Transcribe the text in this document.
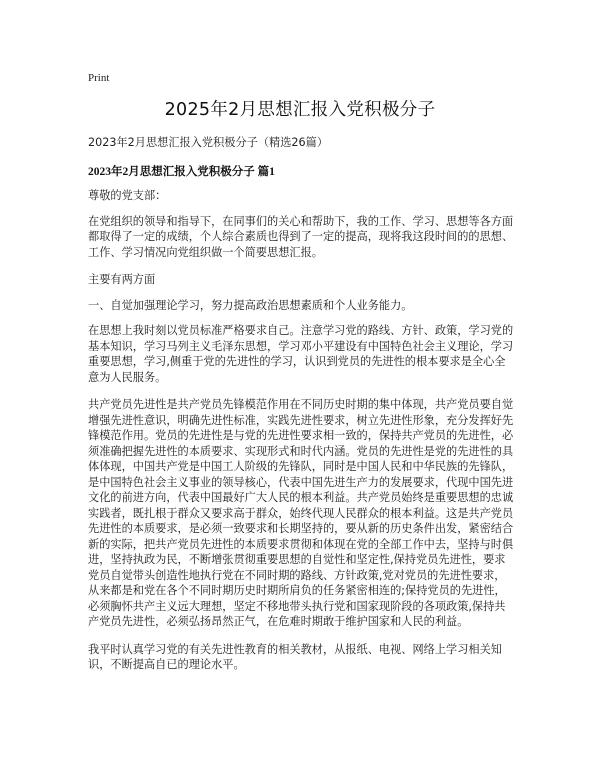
Print
2025年2月思想汇报入党积极分子
2023年2月思想汇报入党积极分子（精选26篇）
2023年2月思想汇报入党积极分子 篇1

尊敬的党支部：

在党组织的领导和指导下，在同事们的关心和帮助下，我的工作、学习、思想等各方面都取得了一定的成绩，个人综合素质也得到了一定的提高，现将我这段时间的的思想、工作、学习情况向党组织做一个简要思想汇报。

主要有两方面

一、自觉加强理论学习，努力提高政治思想素质和个人业务能力。

在思想上我时刻以党员标准严格要求自己。注意学习党的路线、方针、政策，学习党的基本知识，学习马列主义毛泽东思想，学习邓小平建设有中国特色社会主义理论，学习重要思想，学习,侧重于党的先进性的学习，认识到党员的先进性的根本要求是全心全意为人民服务。

共产党员先进性是共产党员先锋模范作用在不同历史时期的集中体现，共产党员要自觉增强先进性意识，明确先进性标准，实践先进性要求，树立先进性形象，充分发挥好先锋模范作用。党员的先进性是与党的先进性要求相一致的，保持共产党员的先进性，必须准确把握先进性的本质要求、实现形式和时代内涵。党员的先进性是党的先进性的具体体现，中国共产党是中国工人阶级的先锋队，同时是中国人民和中华民族的先锋队，是中国特色社会主义事业的领导核心，代表中国先进生产力的发展要求，代现中国先进文化的前进方向，代表中国最好广大人民的根本利益。共产党员始终是重要思想的忠诚实践者，既扎根于群众又要求高于群众，始终代现人民群众的根本利益。这是共产党员先进性的本质要求，是必须一致要求和长期坚持的，要从新的历史条件出发，紧密结合新的实际，把共产党员先进性的本质要求贯彻和体现在党的全部工作中去，坚持与时俱进，坚持执政为民，不断增张贯彻重要思想的自觉性和坚定性,保持党员先进性，要求党员自觉带头创造性地执行党在不同时期的路线、方针政策,党对党员的先进性要求，从来都是和党在各个不同时期历史时期所肩负的任务紧密相连的;保持党员的先进性，必须胸怀共产主义远大理想，坚定不移地带头执行党和国家现阶段的各项政策,保持共产党员先进性，必须弘扬昂然正气，在危难时期敢于维护国家和人民的利益。

我平时认真学习党的有关先进性教育的相关教材，从报纸、电视、网络上学习相关知识，不断提高自已的理论水平。
